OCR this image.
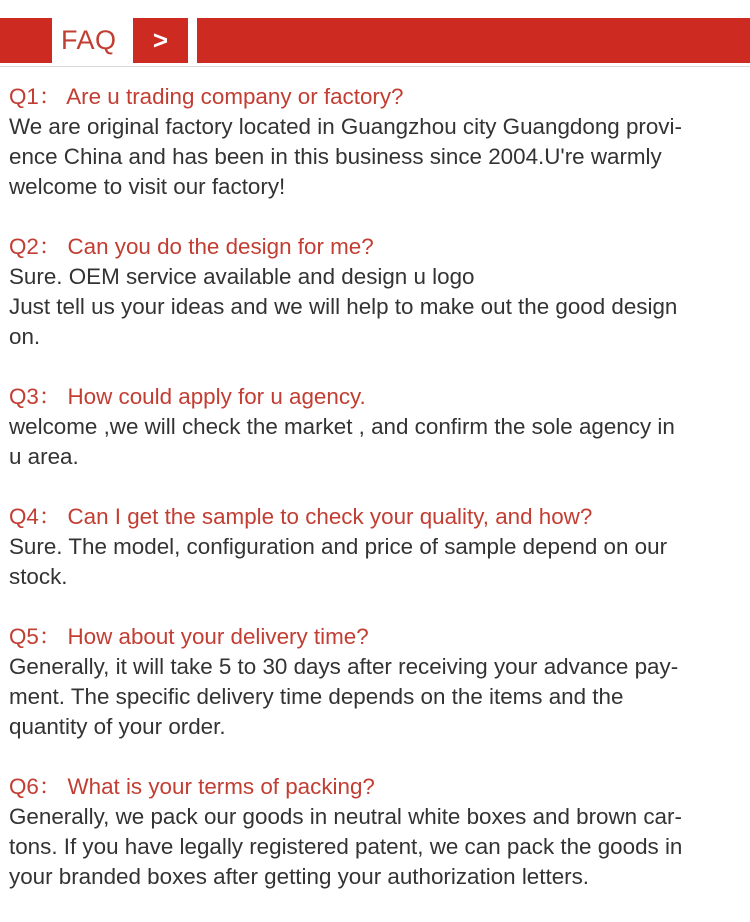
FAQ	>

Q1： Are u trading company or factory?

We are original factory located in Guangzhou city Guangdong provi-

ence China and has been in this business since 2004.U're warmly

welcome to visit our factory!

Q2： Can you do the design for me?

Sure. OEM service available and design u logo

Just tell us your ideas and we will help to make out the good design

on.

Q3： How could apply for u agency.

welcome ,we will check the market , and confirm the sole agency in

u area.

Q4： Can I get the sample to check your quality, and how?

Sure. The model, configuration and price of sample depend on our

stock.

Q5： How about your delivery time?

Generally, it will take 5 to 30 days after receiving your advance pay-

ment. The specific delivery time depends on the items and the

quantity of your order.

Q6： What is your terms of packing?

Generally, we pack our goods in neutral white boxes and brown car-

tons. If you have legally registered patent, we can pack the goods in

your branded boxes after getting your authorization letters.
